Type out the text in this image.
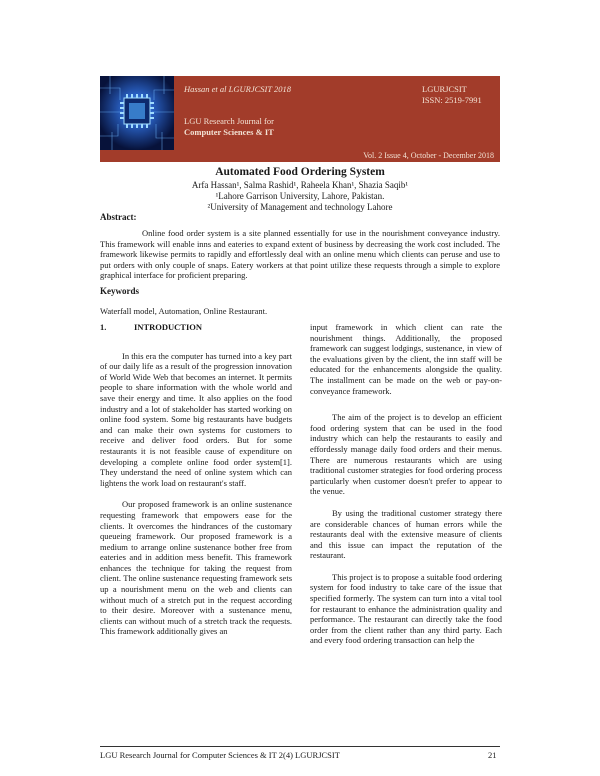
Hassan et al LGURJCSIT 2018	LGURJCSIT
ISSN: 2519-7991
LGU Research Journal for
Computer Sciences & IT
Vol. 2 Issue 4, October - December 2018
Automated Food Ordering System
Arfa Hassan¹, Salma Rashid¹, Raheela Khan¹, Shazia Saqib¹
¹Lahore Garrison University, Lahore, Pakistan.
²University of Management and technology Lahore
Abstract:

Online food order system is a site planned essentially for use in the nourishment conveyance industry. This framework will enable inns and eateries to expand extent of business by decreasing the work cost included. The framework likewise permits to rapidly and effortlessly deal with an online menu which clients can peruse and use to put orders with only couple of snaps. Eatery workers at that point utilize these requests through a simple to explore graphical interface for proficient preparing.

Keywords
Waterfall model, Automation, Online Restaurant.
1.	INTRODUCTION

In this era the computer has turned into a key part of our daily life as a result of the progression innovation of World Wide Web that becomes an internet. It permits people to share information with the whole world and save their energy and time. It also applies on the food industry and a lot of stakeholder has started working on online food system. Some big restaurants have budgets and can make their own systems for customers to receive and deliver food orders. But for some restaurants it is not feasible cause of expenditure on developing a complete online food order system[1]. They understand the need of online system which can lightens the work load on restaurant's staff.

Our proposed framework is an online sustenance requesting framework that empowers ease for the clients. It overcomes the hindrances of the customary queueing framework. Our proposed framework is a medium to arrange online sustenance bother free from eateries and in addition mess benefit. This framework enhances the technique for taking the request from client. The online sustenance requesting framework sets up a nourishment menu on the web and clients can without much of a stretch put in the request according to their desire. Moreover with a sustenance menu, clients can without much of a stretch track the requests. This framework additionally gives an

input framework in which client can rate the nourishment things. Additionally, the proposed framework can suggest lodgings, sustenance, in view of the evaluations given by the client, the inn staff will be educated for the enhancements alongside the quality. The installment can be made on the web or pay-on-conveyance framework.

The aim of the project is to develop an efficient food ordering system that can be used in the food industry which can help the restaurants to easily and effordessly manage daily food orders and their menus. There are numerous restaurants which are using traditional customer strategies for food ordering process particularly when customer doesn't prefer to appear to the venue.

By using the traditional customer strategy there are considerable chances of human errors while the restaurants deal with the extensive measure of clients and this issue can impact the reputation of the restaurant.

This project is to propose a suitable food ordering system for food industry to take care of the issue that specified formerly. The system can turn into a vital tool for restaurant to enhance the administration quality and performance. The restaurant can directly take the food order from the client rather than any third party. Each and every food ordering transaction can help the

LGU Research Journal for Computer Sciences & IT 2(4) LGURJCSIT	21
